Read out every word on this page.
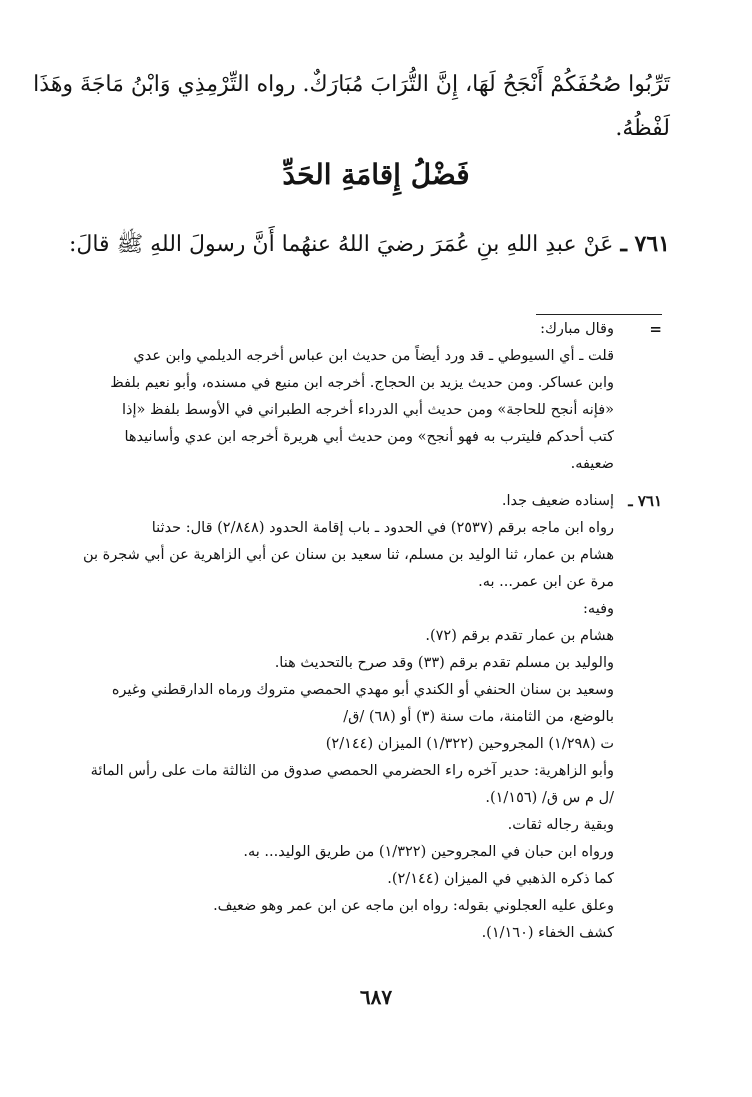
تَرِّبُوا صُحُفَكُمْ أَنْجَحُ لَهَا، إِنَّ التُّرَابَ مُبَارَكٌ. رواه التِّرْمِذِي وَابْنُ مَاجَةَ وهَذَا
لَفْظُهُ.
فَضْلُ إِقامَةِ الحَدِّ
٧٦١ ـ عَنْ عبدِ اللهِ بنِ عُمَرَ رضيَ اللهُ عنهُما أَنَّ رسولَ اللهِ ﷺ قالَ:
=
وقال مبارك:
قلت ـ أي السيوطي ـ قد ورد أيضاً من حديث ابن عباس أخرجه الديلمي وابن عدي
وابن عساكر. ومن حديث يزيد بن الحجاج. أخرجه ابن منيع في مسنده، وأبو نعيم بلفظ
«فإنه أنجح للحاجة» ومن حديث أبي الدرداء أخرجه الطبراني في الأوسط بلفظ «إذا
كتب أحدكم فليترب به فهو أنجح» ومن حديث أبي هريرة أخرجه ابن عدي وأسانيدها
ضعيفه.
٧٦١ ـ
إسناده ضعيف جدا.
رواه ابن ماجه برقم (٢٥٣٧) في الحدود ـ باب إقامة الحدود (٢/٨٤٨) قال: حدثنا
هشام بن عمار، ثنا الوليد بن مسلم، ثنا سعيد بن سنان عن أبي الزاهرية عن أبي شجرة بن
مرة عن ابن عمر... به.
وفيه:
هشام بن عمار تقدم برقم (٧٢).
والوليد بن مسلم تقدم برقم (٣٣) وقد صرح بالتحديث هنا.
وسعيد بن سنان الحنفي أو الكندي أبو مهدي الحمصي متروك ورماه الدارقطني وغيره
بالوضع، من الثامنة، مات سنة (٣) أو (٦٨) /ق/
ت (١/٢٩٨) المجروحين (١/٣٢٢) الميزان (٢/١٤٤)
وأبو الزاهرية: حدير آخره راء الحضرمي الحمصي صدوق من الثالثة مات على رأس المائة
/ل م س ق/ (١/١٥٦).
وبقية رجاله ثقات.
ورواه ابن حبان في المجروحين (١/٣٢٢) من طريق الوليد... به.
كما ذكره الذهبي في الميزان (٢/١٤٤).
وعلق عليه العجلوني بقوله: رواه ابن ماجه عن ابن عمر وهو ضعيف.
كشف الخفاء (١/١٦٠).
٦٨٧
